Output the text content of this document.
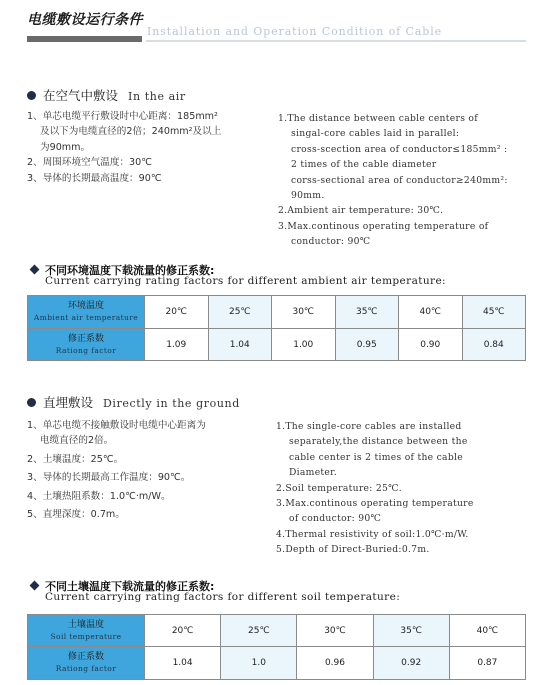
电缆敷设运行条件
Installation and Operation Condition of Cable
在空气中敷设 In the air
1、单芯电缆平行敷设时中心距离：185mm²
及以下为电缆直径的2倍；240mm²及以上
为90mm。
2、周围环境空气温度：30℃
3、导体的长期最高温度：90℃
1.The distance between cable centers of
singal-core cables laid in parallel:
cross-scection area of conductor≤185mm² :
2 times of the cable diameter
corss-sectional area of conductor≥240mm²:
90mm.
2.Ambient air temperature: 30℃.
3.Max.continous operating temperature of
conductor: 90℃
不同环境温度下载流量的修正系数:
Current carrying rating factors for different ambient air temperature:
环境温度
Ambient air temperature	20℃	25℃	30℃	35℃	40℃	45℃

修正系数
Rationg factor	1.09	1.04	1.00	0.95	0.90	0.84
直埋敷设 Directly in the ground
1、单芯电缆不接触敷设时电缆中心距离为
电缆直径的2倍。
2、土壤温度：25℃。
3、导体的长期最高工作温度：90℃。
4、土壤热阻系数：1.0℃·m/W。
5、直埋深度：0.7m。
1.The single-core cables are installed
separately,the distance between the
cable center is 2 times of the cable
Diameter.
2.Soil temperature: 25℃.
3.Max.continous operating temperature
of conductor: 90℃
4.Thermal resistivity of soil:1.0℃·m/W.
5.Depth of Direct-Buried:0.7m.
不同土壤温度下载流量的修正系数:
Current carrying rating factors for different soil temperature:
土壤温度
Soil temperature	20℃	25℃	30℃	35℃	40℃

修正系数
Rationg factor	1.04	1.0	0.96	0.92	0.87
